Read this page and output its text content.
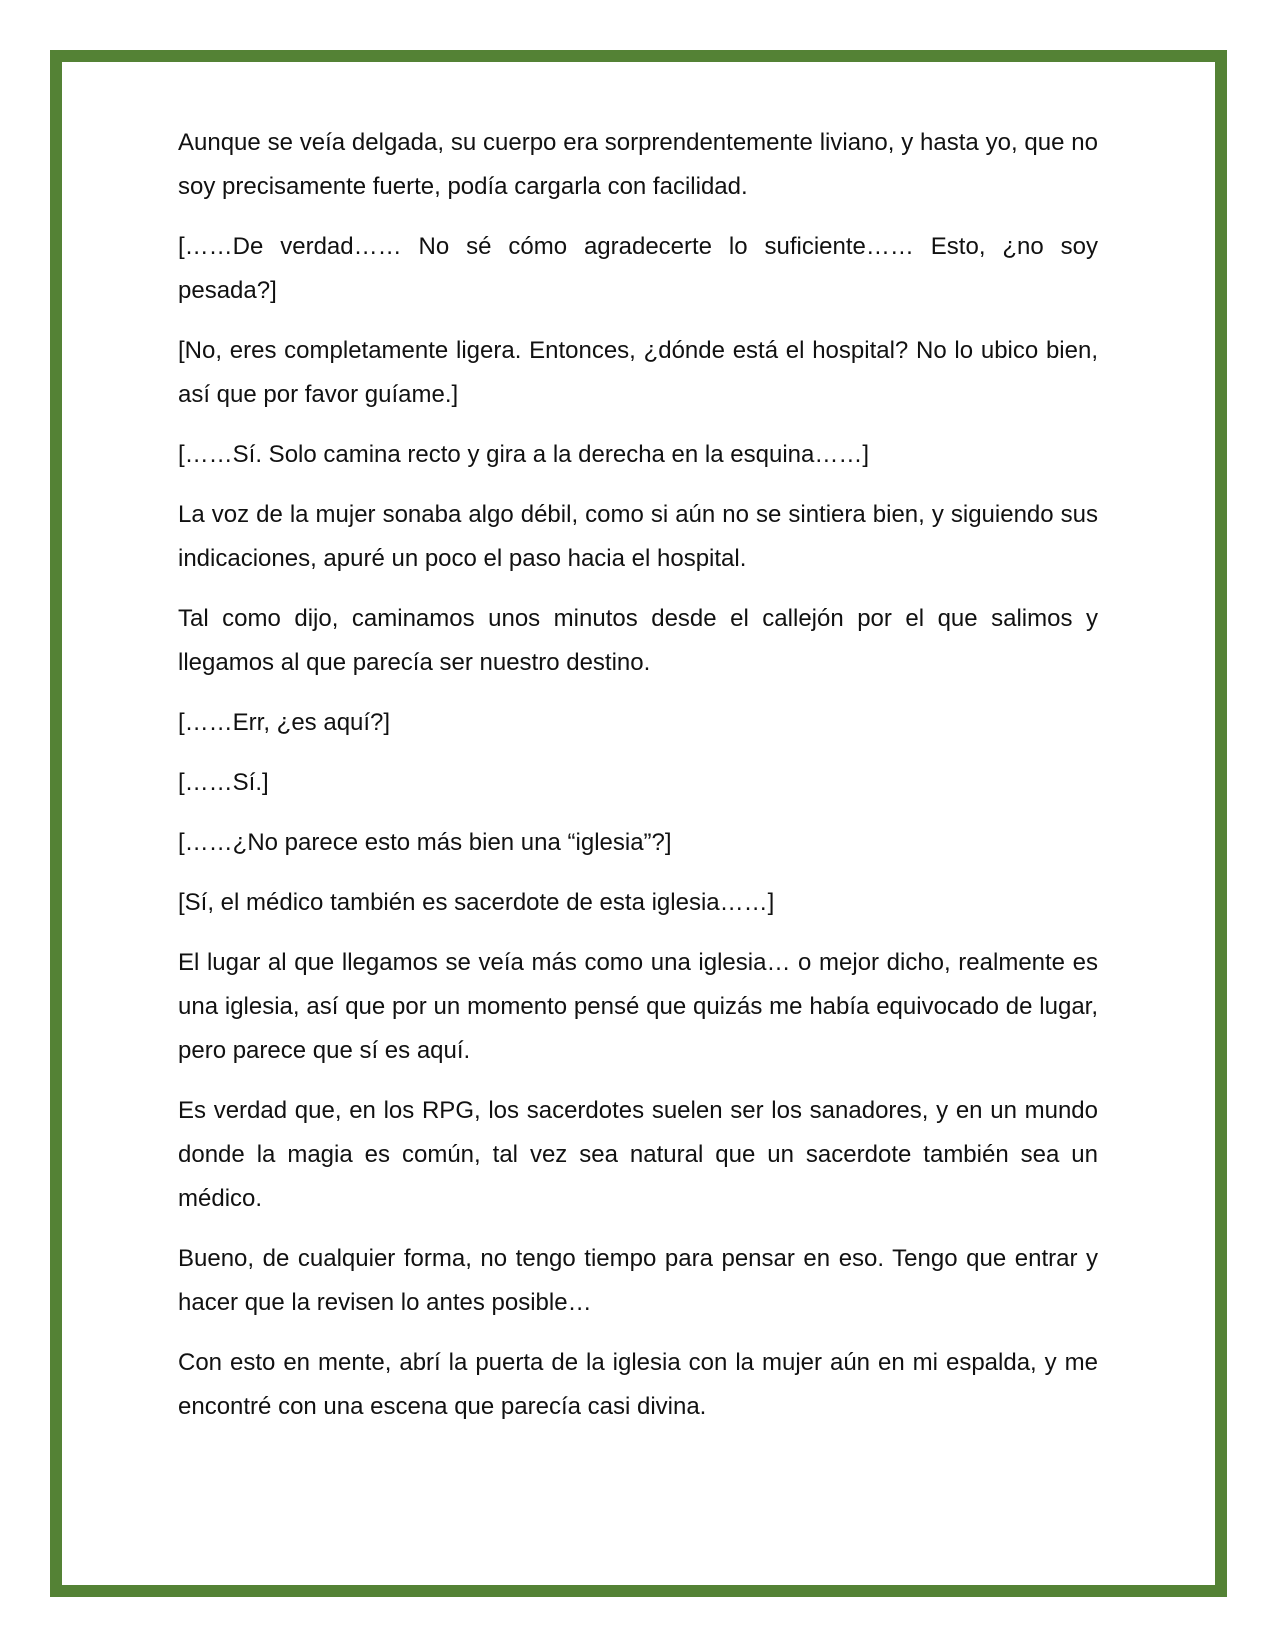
Aunque se veía delgada, su cuerpo era sorprendentemente liviano, y hasta yo, que no soy precisamente fuerte, podía cargarla con facilidad.

[……De verdad…… No sé cómo agradecerte lo suficiente…… Esto, ¿no soy pesada?]

[No, eres completamente ligera. Entonces, ¿dónde está el hospital? No lo ubico bien, así que por favor guíame.]

[……Sí. Solo camina recto y gira a la derecha en la esquina……]

La voz de la mujer sonaba algo débil, como si aún no se sintiera bien, y siguiendo sus indicaciones, apuré un poco el paso hacia el hospital.

Tal como dijo, caminamos unos minutos desde el callejón por el que salimos y llegamos al que parecía ser nuestro destino.

[……Err, ¿es aquí?]

[……Sí.]

[……¿No parece esto más bien una “iglesia”?]

[Sí, el médico también es sacerdote de esta iglesia……]

El lugar al que llegamos se veía más como una iglesia… o mejor dicho, realmente es una iglesia, así que por un momento pensé que quizás me había equivocado de lugar, pero parece que sí es aquí.

Es verdad que, en los RPG, los sacerdotes suelen ser los sanadores, y en un mundo donde la magia es común, tal vez sea natural que un sacerdote también sea un médico.

Bueno, de cualquier forma, no tengo tiempo para pensar en eso. Tengo que entrar y hacer que la revisen lo antes posible…

Con esto en mente, abrí la puerta de la iglesia con la mujer aún en mi espalda, y me encontré con una escena que parecía casi divina.
